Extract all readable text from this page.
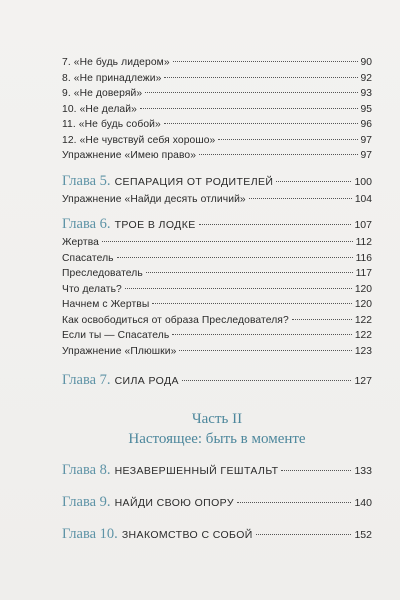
7. «Не будь лидером»	90
8. «Не принадлежи»	92
9. «Не доверяй»	93
10. «Не делай»	95
11. «Не будь собой»	96
12. «Не чувствуй себя хорошо»	97
Упражнение «Имею право»	97
Глава 5. СЕПАРАЦИЯ ОТ РОДИТЕЛЕЙ	100
Упражнение «Найди десять отличий»	104
Глава 6. ТРОЕ В ЛОДКЕ	107
Жертва	112
Спасатель	116
Преследователь	117
Что делать?	120
Начнем с Жертвы	120
Как освободиться от образа Преследователя?	122
Если ты — Спасатель	122
Упражнение «Плюшки»	123
Глава 7. СИЛА РОДА	127
Часть II
Настоящее: быть в моменте
Глава 8. НЕЗАВЕРШЕННЫЙ ГЕШТАЛЬТ	133
Глава 9. НАЙДИ СВОЮ ОПОРУ	140
Глава 10. ЗНАКОМСТВО С СОБОЙ	152
